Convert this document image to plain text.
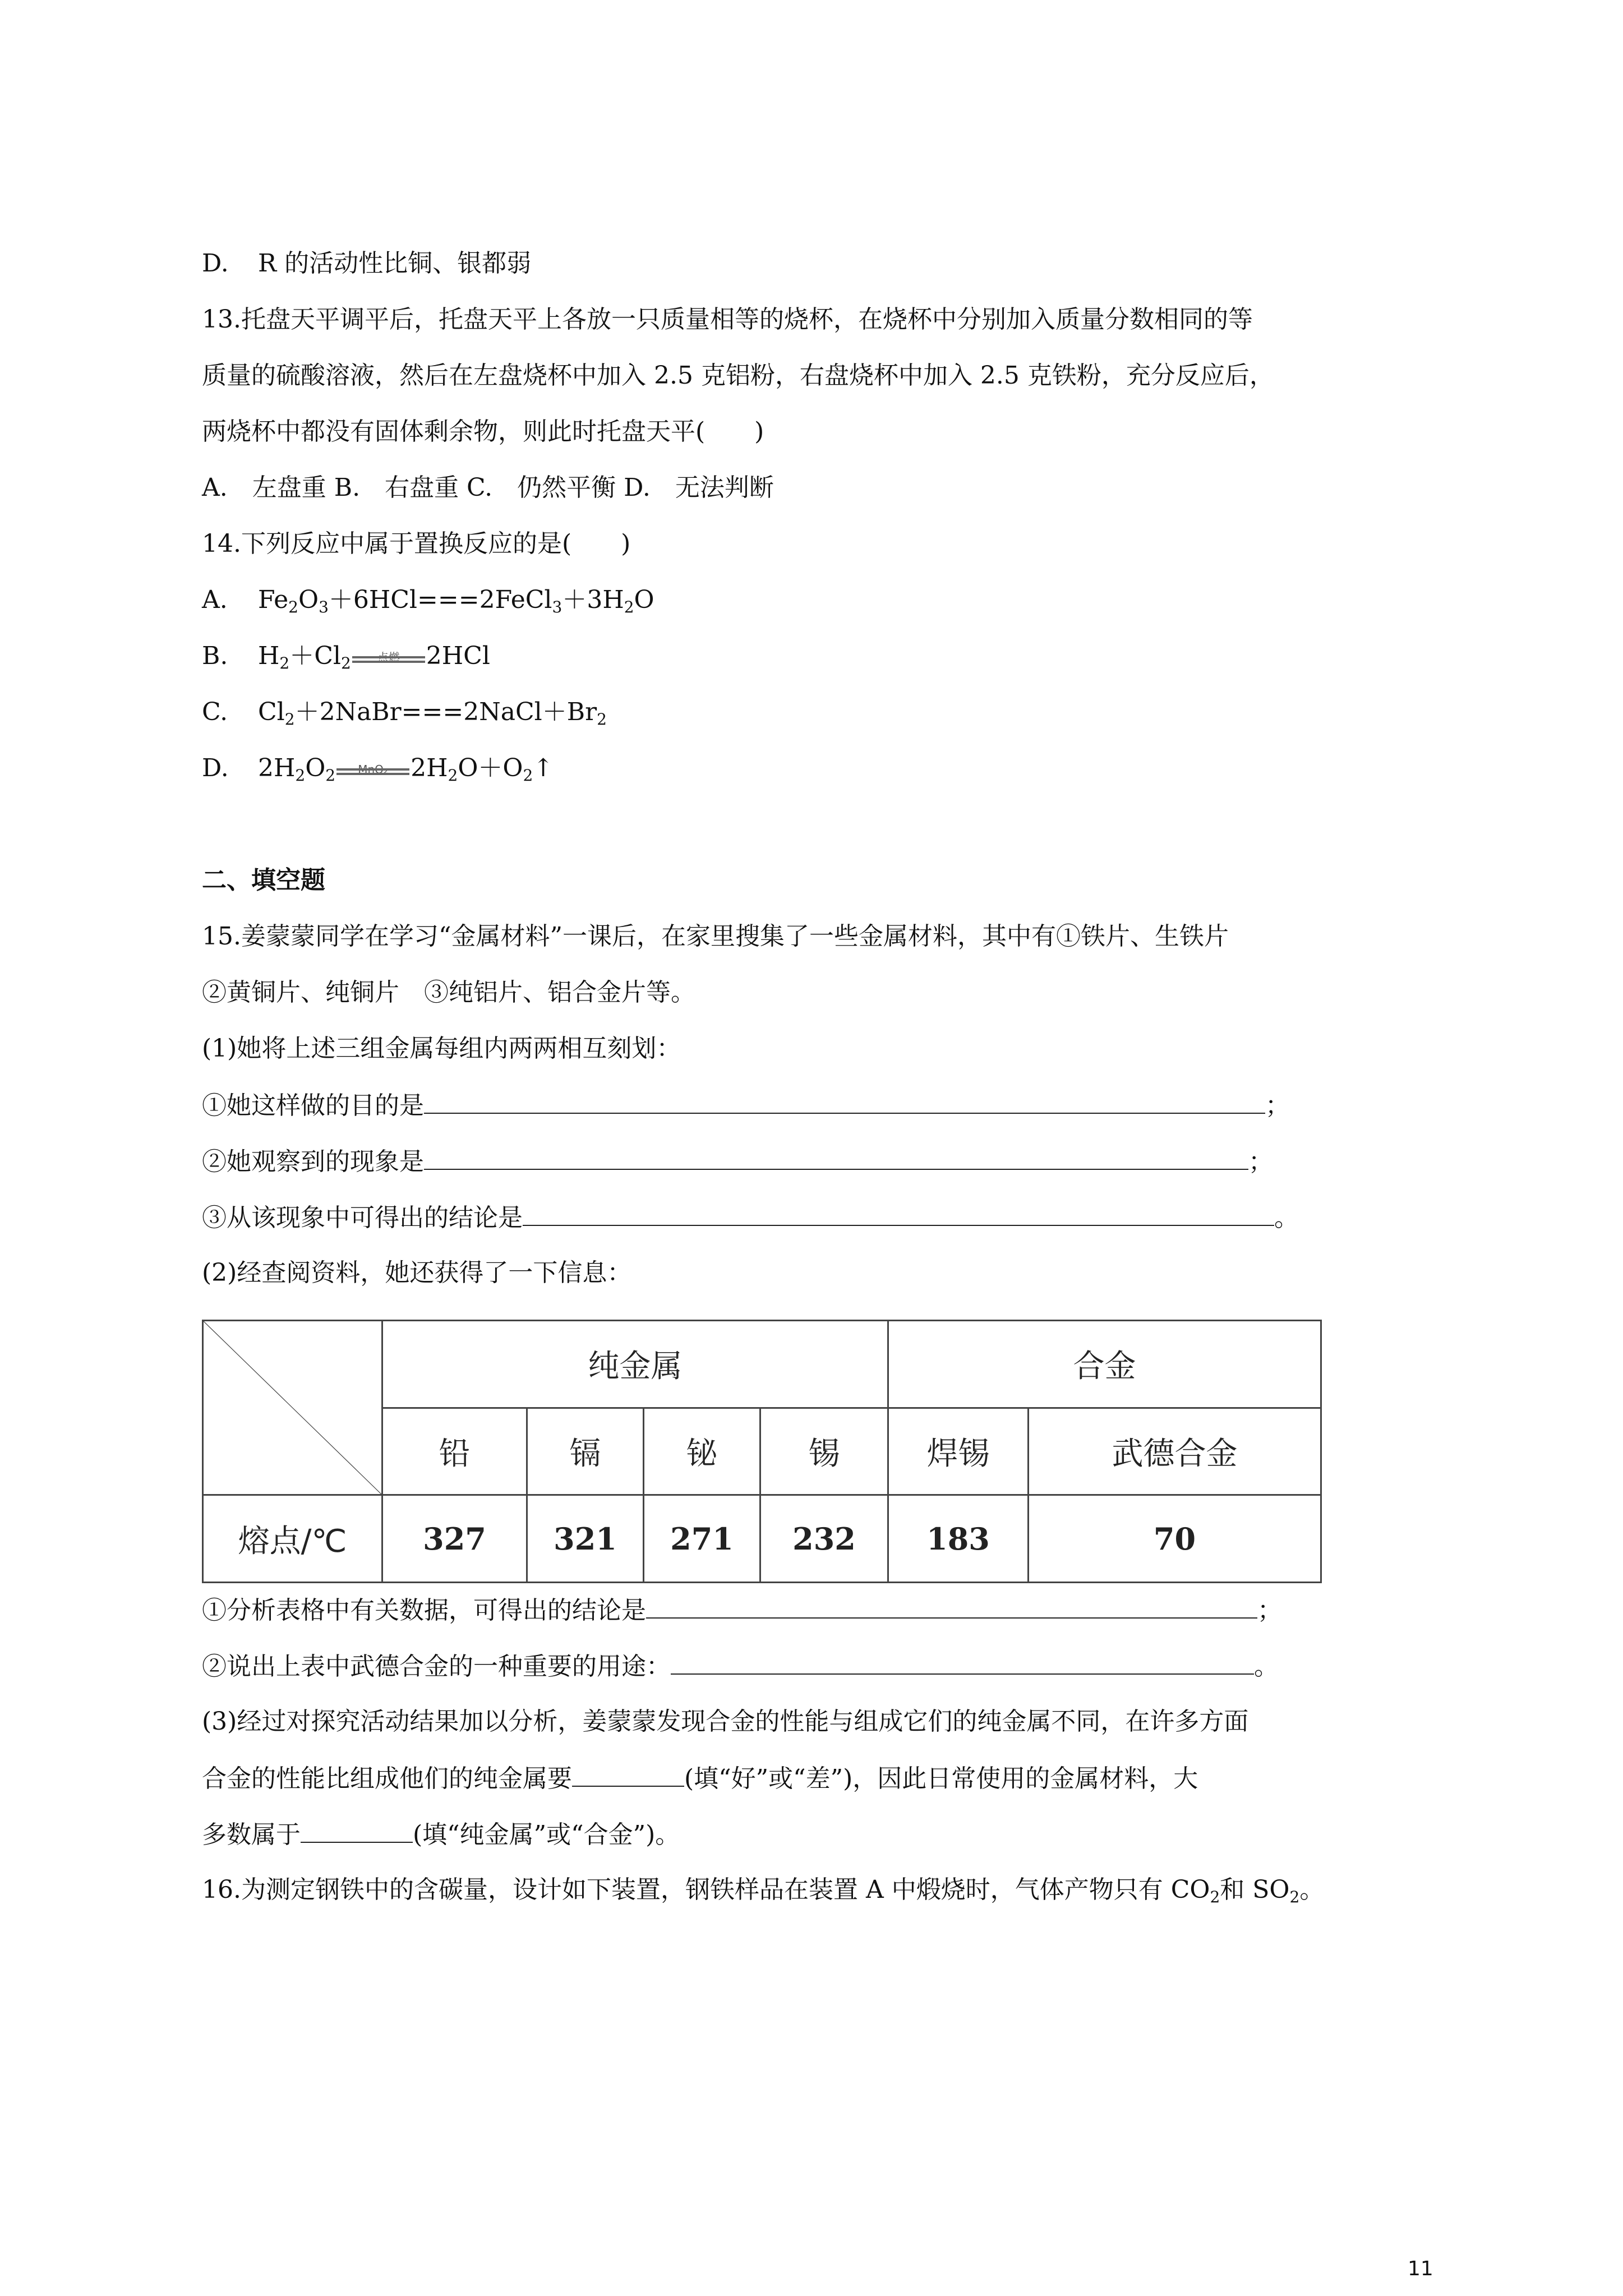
D. R 的活动性比铜、银都弱
13.托盘天平调平后，托盘天平上各放一只质量相等的烧杯，在烧杯中分别加入质量分数相同的等
质量的硫酸溶液，然后在左盘烧杯中加入 2.5 克铝粉，右盘烧杯中加入 2.5 克铁粉，充分反应后，
两烧杯中都没有固体剩余物，则此时托盘天平(　　)
A.　左盘重 B.　右盘重 C.　仍然平衡 D.　无法判断
14.下列反应中属于置换反应的是(　　)
A. $Fe_2O_3+6HCl===2FeCl_3+3H_2O$
B. $H_2+Cl_2$	点燃	2HCl
C. $Cl_2+2NaBr===2NaCl+Br_2$
D. $2H_2O_2$	MnO₂ $2H_2O+O_2↑$
二、填空题
15.姜蒙蒙同学在学习“金属材料”一课后，在家里搜集了一些金属材料，其中有①铁片、生铁片
②黄铜片、纯铜片　③纯铝片、铝合金片等。
(1)她将上述三组金属每组内两两相互刻划：
①她这样做的目的是	；
②她观察到的现象是	；
③从该现象中可得出的结论是	。
(2)经查阅资料，她还获得了一下信息：
	纯金属				合金	
	铅	镉	铋	锡	焊锡	武德合金
熔点/℃	327	321	271	232	183	70
①分析表格中有关数据，可得出的结论是	；
②说出上表中武德合金的一种重要的用途：	。
(3)经过对探究活动结果加以分析，姜蒙蒙发现合金的性能与组成它们的纯金属不同，在许多方面
合金的性能比组成他们的纯金属要	(填“好”或“差”)，因此日常使用的金属材料，大
多数属于	(填“纯金属”或“合金”)。
16.为测定钢铁中的含碳量，设计如下装置，钢铁样品在装置 A 中煅烧时，气体产物只有 $CO_2$和 $SO_2$。
11
